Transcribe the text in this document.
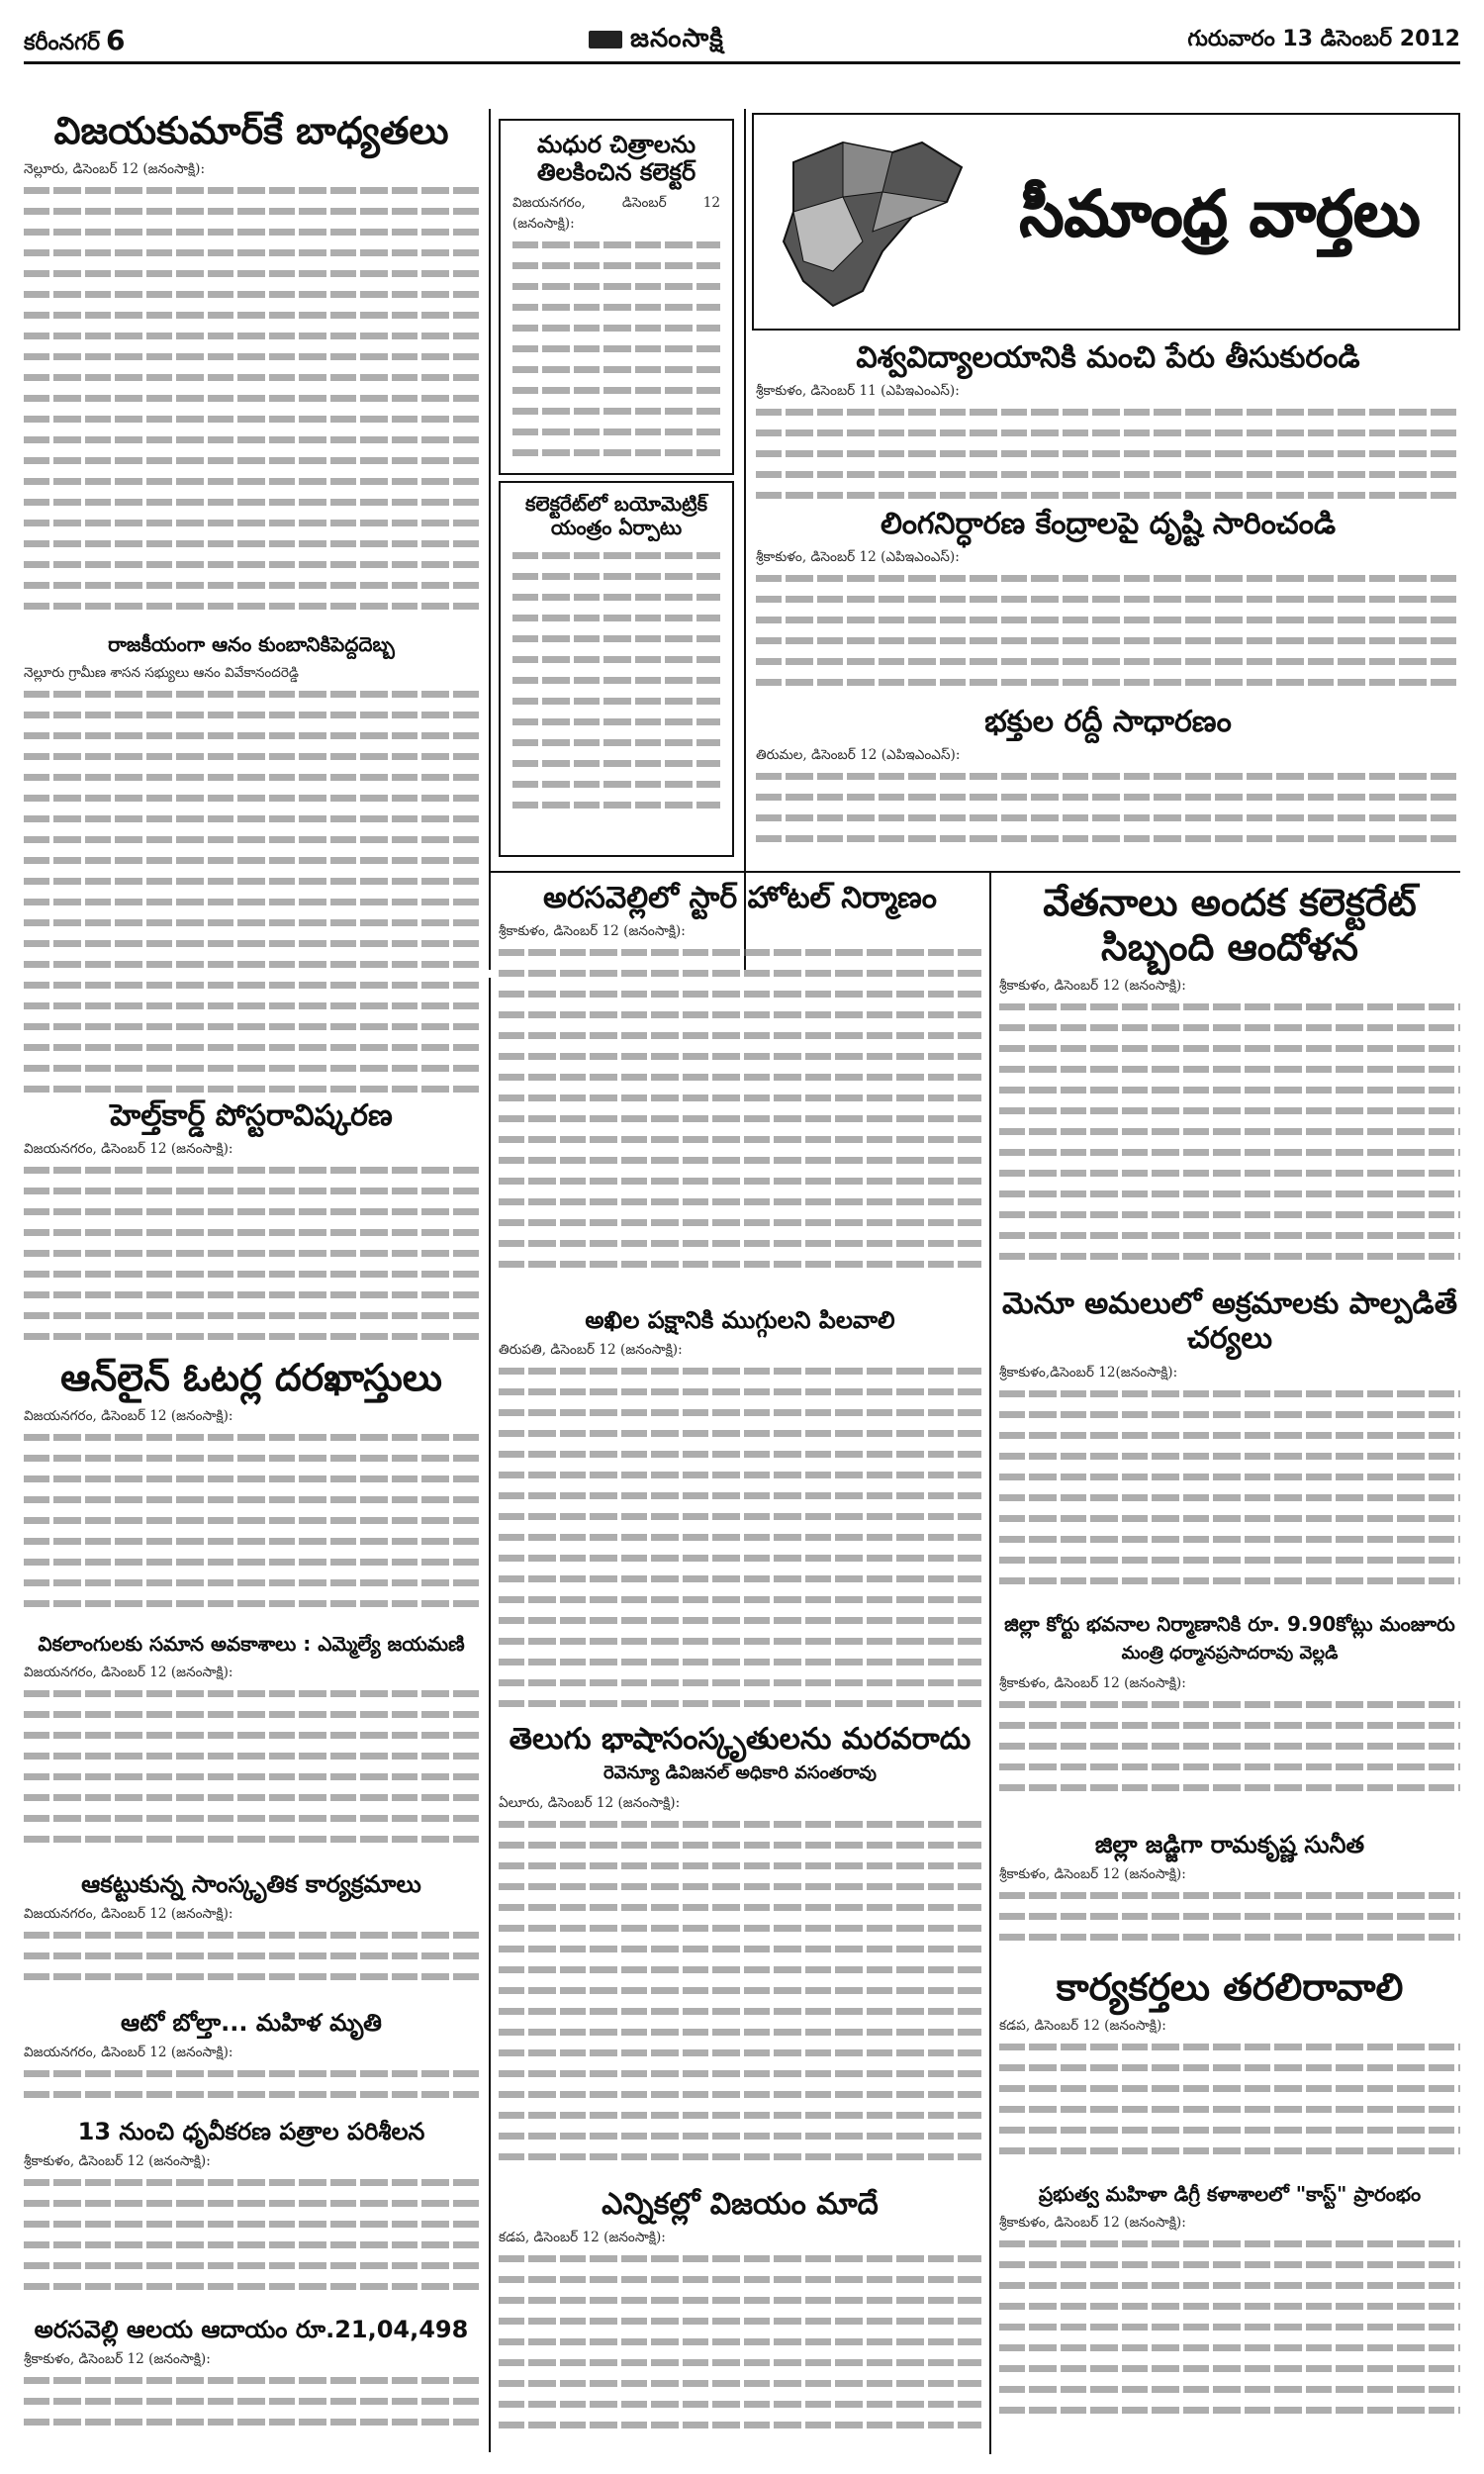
కరీంనగర్ 6	జనంసాక్షి	గురువారం 13 డిసెంబర్ 2012
సీమాంధ్ర వార్తలు
విజయకుమార్‌కే బాధ్యతలు

నెల్లూరు, డిసెంబర్ 12 (జనంసాక్షి):

రాజకీయంగా ఆనం కుంబానికిపెద్దదెబ్బ

నెల్లూరు గ్రామీణ శాసన సభ్యులు ఆనం వివేకానందరెడ్డి

హెల్త్‌కార్డ్ పోస్టరావిష్కరణ

విజయనగరం, డిసెంబర్ 12 (జనంసాక్షి):

ఆన్‌లైన్ ఓటర్ల దరఖాస్తులు

విజయనగరం, డిసెంబర్ 12 (జనంసాక్షి):

వికలాంగులకు సమాన అవకాశాలు : ఎమ్మెల్యే జయమణి

విజయనగరం, డిసెంబర్ 12 (జనంసాక్షి):

ఆకట్టుకున్న సాంస్కృతిక కార్యక్రమాలు

విజయనగరం, డిసెంబర్ 12 (జనంసాక్షి):

ఆటో బోల్తా... మహిళ మృతి

విజయనగరం, డిసెంబర్ 12 (జనంసాక్షి):

13 నుంచి ధృవీకరణ పత్రాల పరిశీలన

శ్రీకాకుళం, డిసెంబర్ 12 (జనంసాక్షి):

అరసవెల్లి ఆలయ ఆదాయం రూ.21,04,498

శ్రీకాకుళం, డిసెంబర్ 12 (జనంసాక్షి):

మధుర చిత్రాలను తిలకించిన కలెక్టర్

విజయనగరం, డిసెంబర్ 12 (జనంసాక్షి):

కలెక్టరేట్‌లో బయోమెట్రిక్ యంత్రం ఏర్పాటు

విశ్వవిద్యాలయానికి మంచి పేరు తీసుకురండి

శ్రీకాకుళం, డిసెంబర్ 11 (ఎపిఇఎంఎస్):

లింగనిర్ధారణ కేంద్రాలపై దృష్టి సారించండి

శ్రీకాకుళం, డిసెంబర్ 12 (ఎపిఇఎంఎస్):

భక్తుల రద్దీ సాధారణం

తిరుమల, డిసెంబర్ 12 (ఎపిఇఎంఎస్):

అరసవెల్లిలో స్టార్ హోటల్ నిర్మాణం

శ్రీకాకుళం, డిసెంబర్ 12 (జనంసాక్షి):

అఖిల పక్షానికి ముగ్గులని పిలవాలి

తిరుపతి, డిసెంబర్ 12 (జనంసాక్షి):

తెలుగు భాషాసంస్కృతులను మరవరాదు
రెవెన్యూ డివిజనల్ అధికారి వసంతరావు

ఏలూరు, డిసెంబర్ 12 (జనంసాక్షి):

ఎన్నికల్లో విజయం మాదే

కడప, డిసెంబర్ 12 (జనంసాక్షి):

వేతనాలు అందక కలెక్టరేట్ సిబ్బంది ఆందోళన

శ్రీకాకుళం, డిసెంబర్ 12 (జనంసాక్షి):

మెనూ అమలులో అక్రమాలకు పాల్పడితే చర్యలు

శ్రీకాకుళం,డిసెంబర్ 12(జనంసాక్షి):

జిల్లా కోర్టు భవనాల నిర్మాణానికి రూ. 9.90కోట్లు మంజూరు
మంత్రి ధర్మానప్రసాదరావు వెల్లడి

శ్రీకాకుళం, డిసెంబర్ 12 (జనంసాక్షి):

జిల్లా జడ్జిగా రామకృష్ణ సునీత

శ్రీకాకుళం, డిసెంబర్ 12 (జనంసాక్షి):

కార్యకర్తలు తరలిరావాలి

కడప, డిసెంబర్ 12 (జనంసాక్షి):

ప్రభుత్వ మహిళా డిగ్రీ కళాశాలలో "కాస్ట్" ప్రారంభం

శ్రీకాకుళం, డిసెంబర్ 12 (జనంసాక్షి):
